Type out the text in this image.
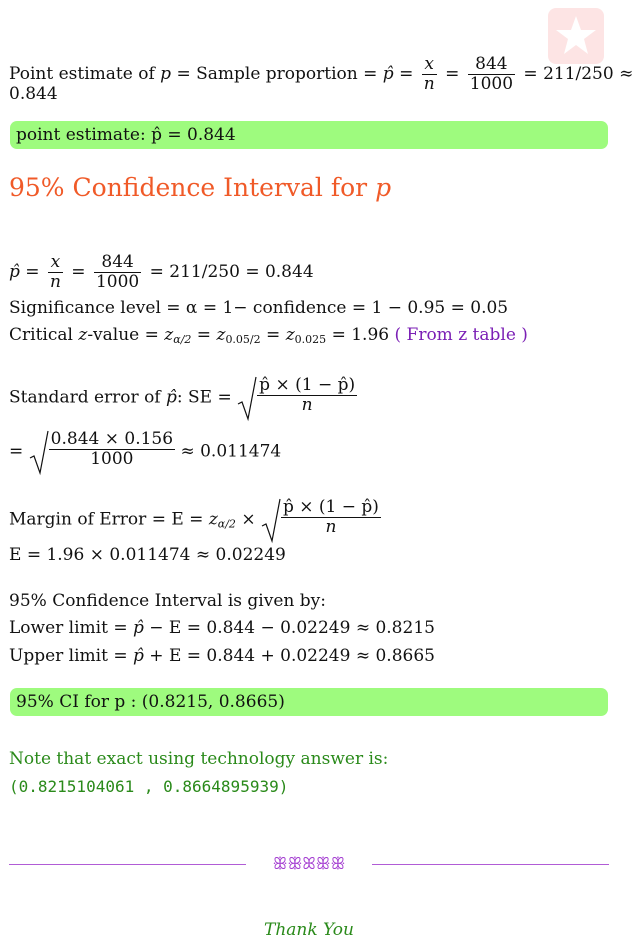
Point estimate of p = Sample proportion = p̂ = $\frac{x}{n} = \frac{844}{1000} = 211/250$ ≈
0.844
point estimate: p̂ = 0.844
95% Confidence Interval for p
p̂ = $\frac{x}{n} = \frac{844}{1000} = 211/250 = 0.844$
Significance level = α = 1− confidence = 1 − 0.95 = 0.05
Critical z-value = $z_{\alpha/2} = z_{0.05/2} = z_{0.025} = 1.96$ ( From z table )
Standard error of p̂: SE = $\frac{p̂ \times (1 - p̂)}{n}$
= $\frac{0.844 \times 0.156}{1000} \approx 0.011474$
Margin of Error = $E = z_{\alpha/2} \times \frac{p̂ \times (1 - p̂)}{n}$
E = 1.96 × 0.011474 ≈ 0.02249
95% Confidence Interval is given by:
Lower limit = p̂ − E = 0.844 − 0.02249 ≈ 0.8215
Upper limit = p̂ + E = 0.844 + 0.02249 ≈ 0.8665
95% CI for p : (0.8215, 0.8665)
Note that exact using technology answer is:
(0.8215104061 , 0.8664895939)
ꕥꕥꕤꕥꕥ
Thank You
